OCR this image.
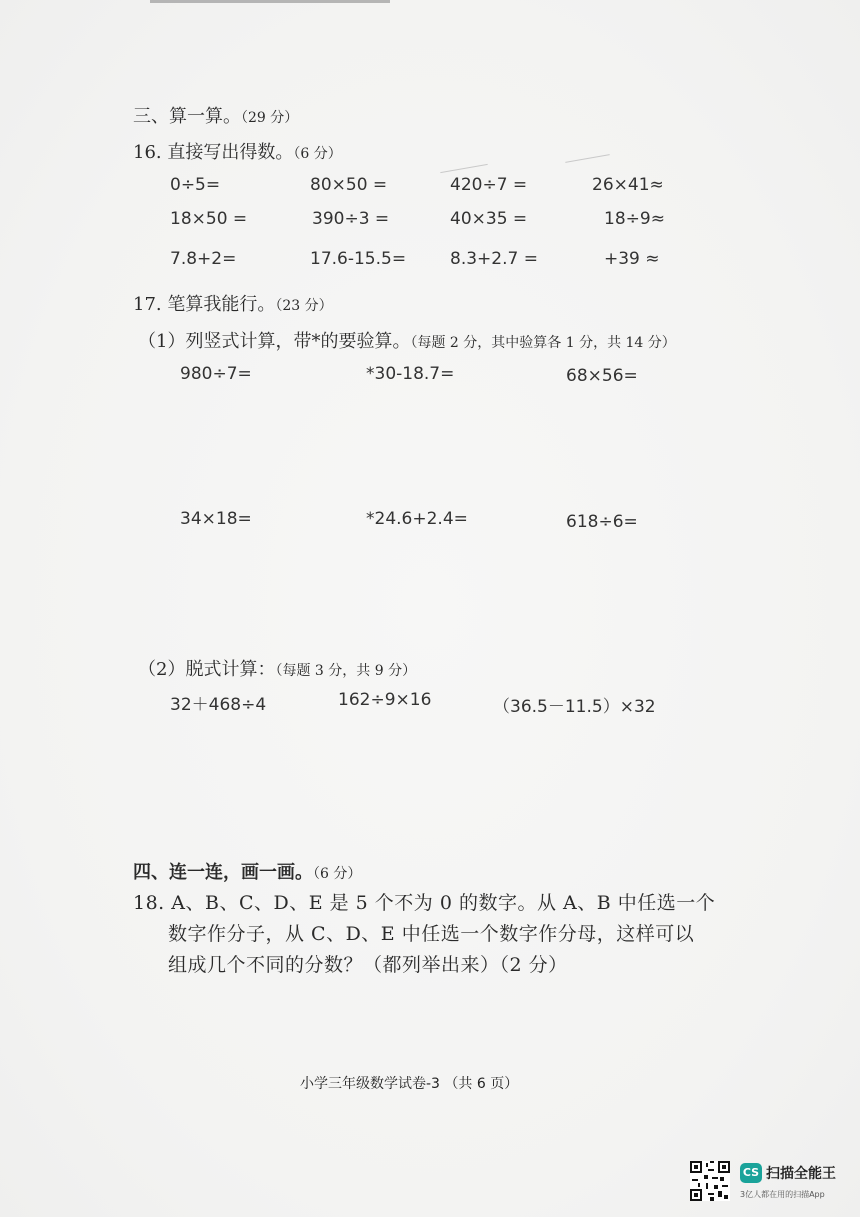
三、算一算。（29 分）
16. 直接写出得数。（6 分）
0÷5=	80×50 =	420÷7 =	26×41≈
18×50 =	390÷3 =	40×35 =	18÷9≈
7.8+2=	17.6-15.5=	8.3+2.7 =	+39 ≈
17. 笔算我能行。（23 分）
（1）列竖式计算，带*的要验算。（每题 2 分，其中验算各 1 分，共 14 分）
980÷7=	*30-18.7=	68×56=
34×18=	*24.6+2.4=	618÷6=
（2）脱式计算：（每题 3 分，共 9 分）
32＋468÷4	162÷9×16	（36.5－11.5）×32
四、连一连，画一画。（6 分）
18. A、B、C、D、E 是 5 个不为 0 的数字。从 A、B 中任选一个
数字作分子，从 C、D、E 中任选一个数字作分母，这样可以
组成几个不同的分数？（都列举出来）（2 分）
小学三年级数学试卷-3 （共 6 页）
CS 扫描全能王
3亿人都在用的扫描App
